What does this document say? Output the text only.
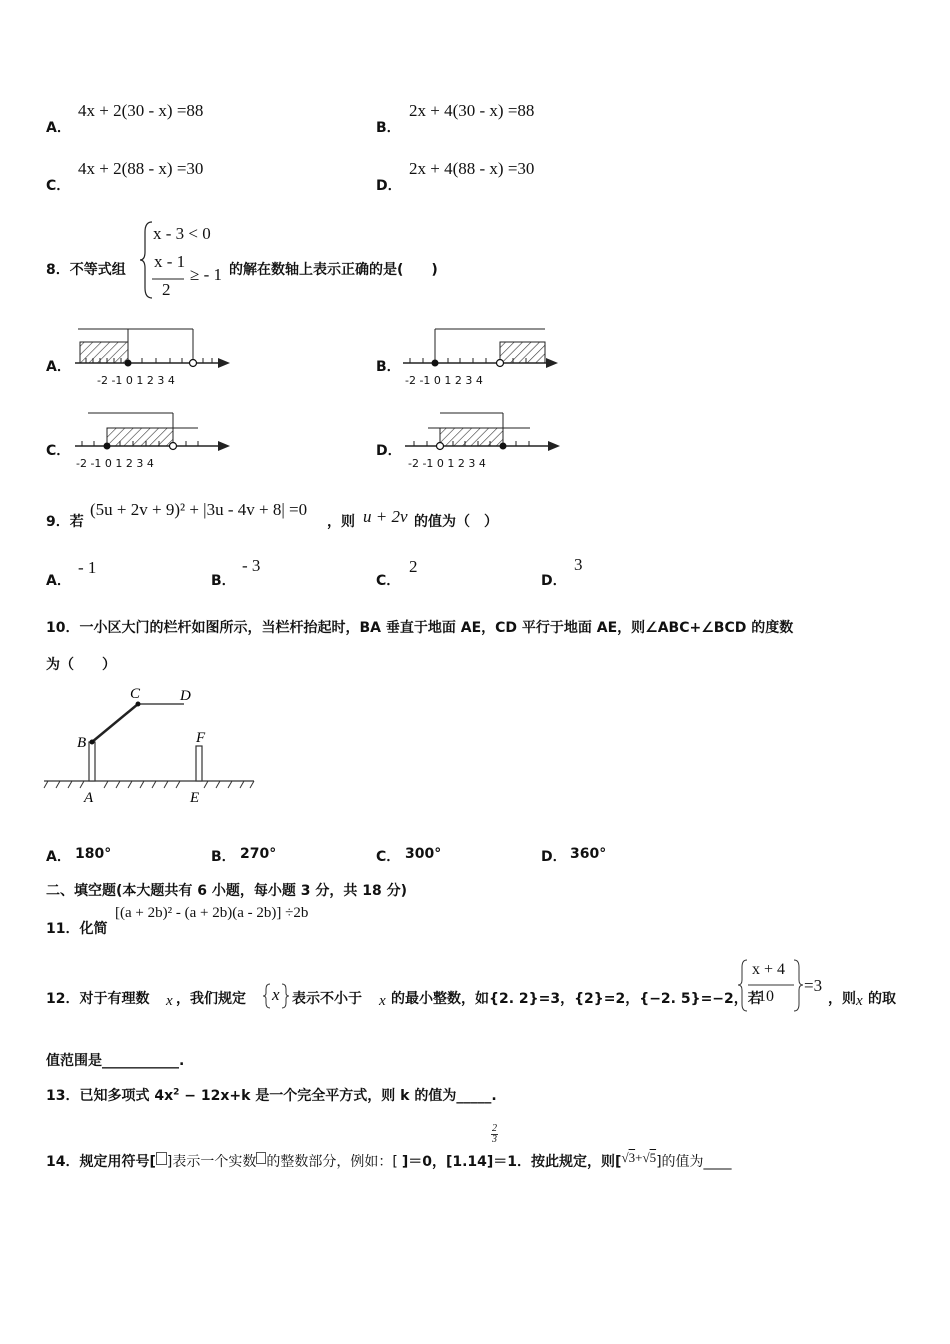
A．
4x + 2(30 - x) =88
B．
2x + 4(30 - x) =88
C．
4x + 2(88 - x) =30
D．
2x + 4(88 - x) =30
8．不等式组
x - 3 < 0
x - 1
2
≥ - 1 的解在数轴上表示正确的是(　　)
A．
-2 -1 0 1 2 3 4
B．
-2 -1 0 1 2 3 4
C．
-2 -1 0 1 2 3 4
D．
-2 -1 0 1 2 3 4
9．若
(5u + 2v + 9)² + |3u - 4v + 8| =0
，则 u + 2v 的值为（　）
A．
- 1
B．
- 3
C．
2
D．
3
10．一小区大门的栏杆如图所示，当栏杆抬起时，BA 垂直于地面 AE，CD 平行于地面 AE，则∠ABC+∠BCD 的度数
为（　　）
B
C	D
F
A	E
A． 180°	B． 270°	C． 300°	D． 360°
二、填空题(本大题共有 6 小题，每小题 3 分，共 18 分)
11．化简
[(a + 2b)² - (a + 2b)(a - 2b)] ÷2b
12．对于有理数 x ，我们规定 x 表示不小于 x 的最小整数，如{2. 2}=3，{2}=2，{−2. 5}=−2，若
x + 4
10
=3
，则 x 的取
值范围是___________.
13．已知多项式 $4x^2 - 12x+k$ 是一个完全平方式，则 k 的值为_____.
14．规定用符号[ ]表示一个实数 的整数部分，例如：[ ]＝0，[1.14]＝1．按此规定，则[√3+√5]的值为____
2
3
